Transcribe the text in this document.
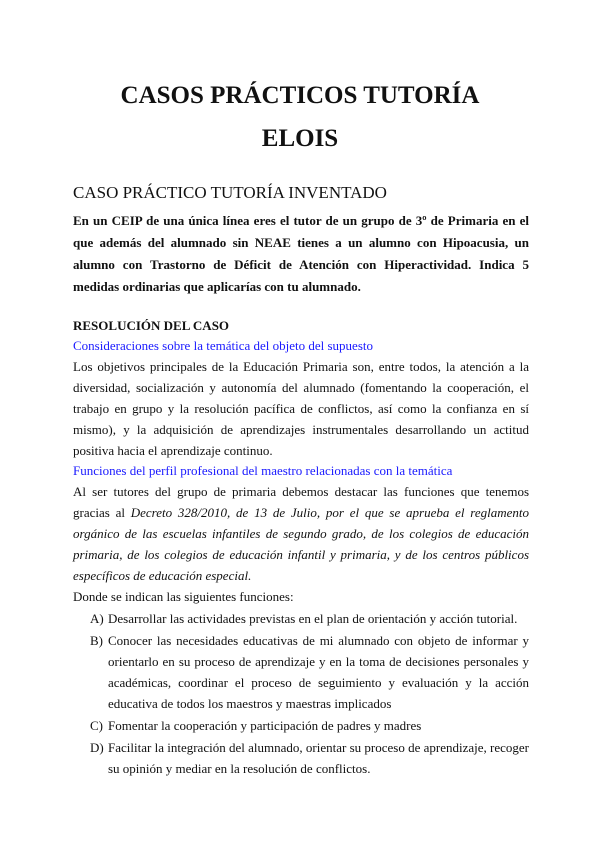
CASOS PRÁCTICOS TUTORÍA
ELOIS
CASO PRÁCTICO TUTORÍA INVENTADO
En un CEIP de una única línea eres el tutor de un grupo de 3º de Primaria en el que además del alumnado sin NEAE tienes a un alumno con Hipoacusia, un alumno con Trastorno de Déficit de Atención con Hiperactividad. Indica 5 medidas ordinarias que aplicarías con tu alumnado.
RESOLUCIÓN DEL CASO
Consideraciones sobre la temática del objeto del supuesto
Los objetivos principales de la Educación Primaria son, entre todos, la atención a la diversidad, socialización y autonomía del alumnado (fomentando la cooperación, el trabajo en grupo y la resolución pacífica de conflictos, así como la confianza en sí mismo), y la adquisición de aprendizajes instrumentales desarrollando un actitud positiva hacia el aprendizaje continuo.
Funciones del perfil profesional del maestro relacionadas con la temática
Al ser tutores del grupo de primaria debemos destacar las funciones que tenemos gracias al Decreto 328/2010, de 13 de Julio, por el que se aprueba el reglamento orgánico de las escuelas infantiles de segundo grado, de los colegios de educación primaria, de los colegios de educación infantil y primaria, y de los centros públicos específicos de educación especial.
Donde se indican las siguientes funciones:
A) Desarrollar las actividades previstas en el plan de orientación y acción tutorial.
B) Conocer las necesidades educativas de mi alumnado con objeto de informar y orientarlo en su proceso de aprendizaje y en la toma de decisiones personales y académicas, coordinar el proceso de seguimiento y evaluación y la acción educativa de todos los maestros y maestras implicados
C) Fomentar la cooperación y participación de padres y madres
D) Facilitar la integración del alumnado, orientar su proceso de aprendizaje, recoger su opinión y mediar en la resolución de conflictos.
